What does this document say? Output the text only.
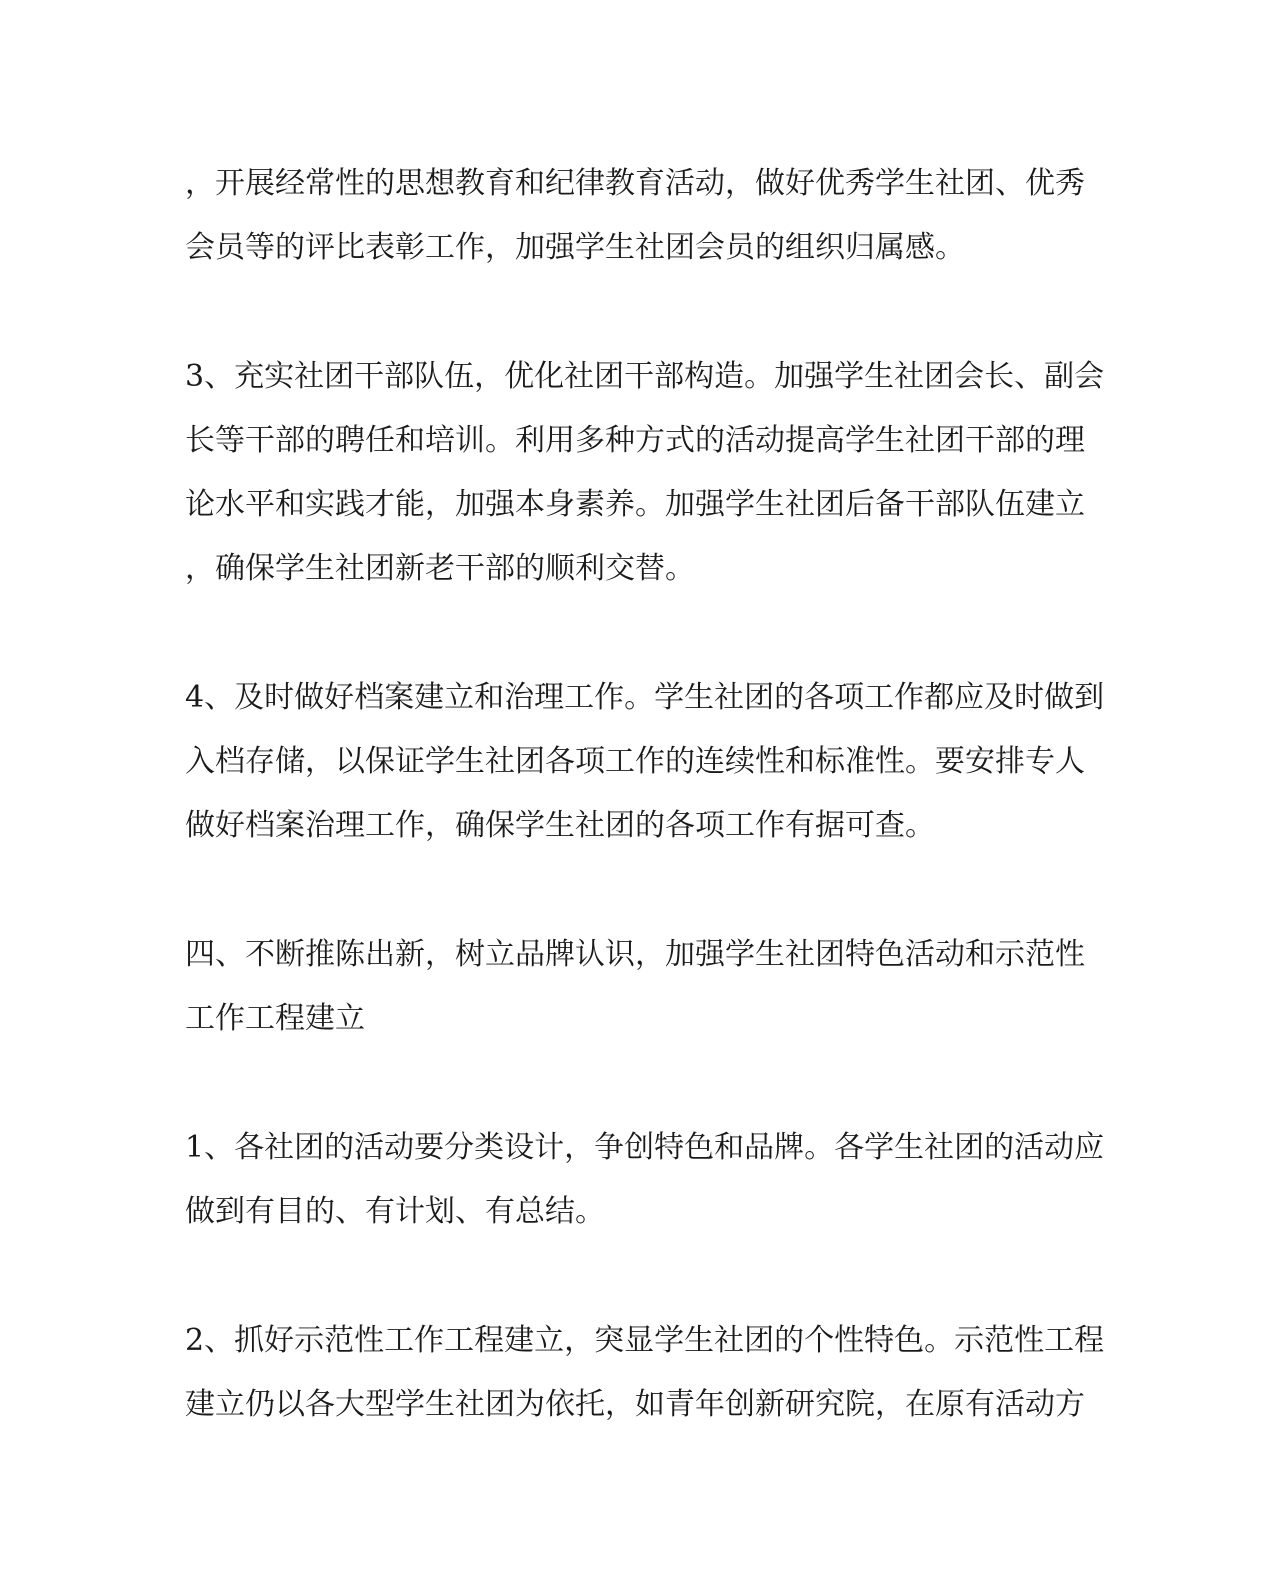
，开展经常性的思想教育和纪律教育活动，做好优秀学生社团、优秀
会员等的评比表彰工作，加强学生社团会员的组织归属感。
3、充实社团干部队伍，优化社团干部构造。加强学生社团会长、副会
长等干部的聘任和培训。利用多种方式的活动提高学生社团干部的理
论水平和实践才能，加强本身素养。加强学生社团后备干部队伍建立
，确保学生社团新老干部的顺利交替。
4、及时做好档案建立和治理工作。学生社团的各项工作都应及时做到
入档存储，以保证学生社团各项工作的连续性和标准性。要安排专人
做好档案治理工作，确保学生社团的各项工作有据可查。
四、不断推陈出新，树立品牌认识，加强学生社团特色活动和示范性
工作工程建立
1、各社团的活动要分类设计，争创特色和品牌。各学生社团的活动应
做到有目的、有计划、有总结。
2、抓好示范性工作工程建立，突显学生社团的个性特色。示范性工程
建立仍以各大型学生社团为依托，如青年创新研究院，在原有活动方
